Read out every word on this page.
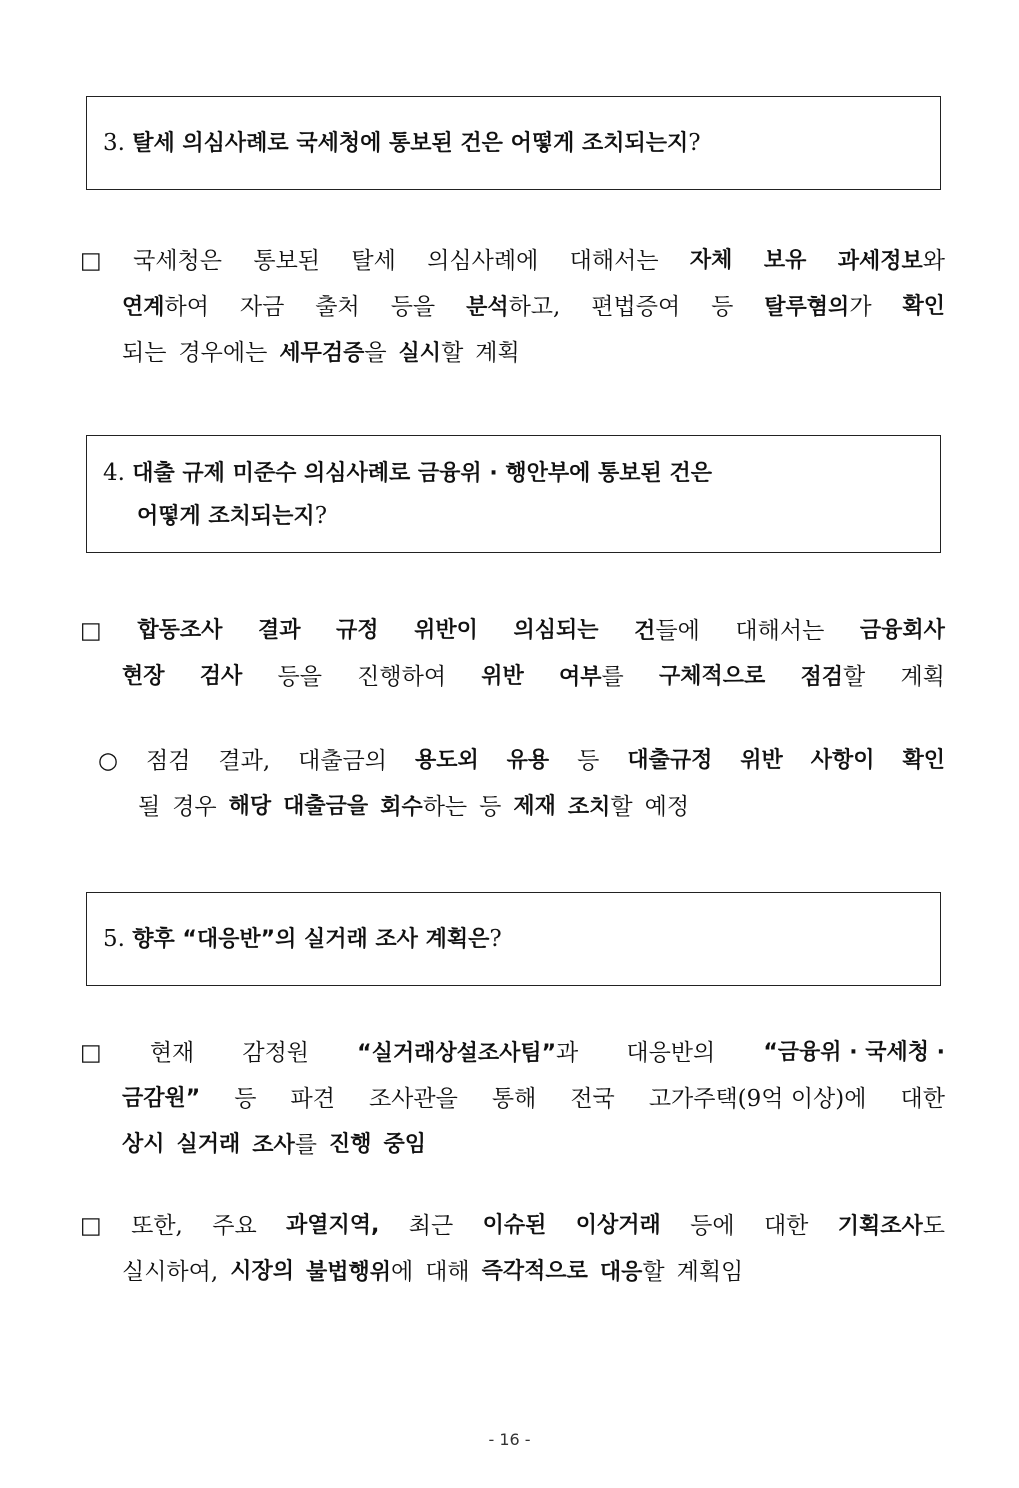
3. 탈세 의심사례로 국세청에 통보된 건은 어떻게 조치되는지?
□ 국세청은 통보된 탈세 의심사례에 대해서는 자체 보유 과세정보와
연계하여 자금 출처 등을 분석하고, 편법증여 등 탈루혐의가 확인
되는 경우에는 세무검증을 실시할 계획
4. 대출 규제 미준수 의심사례로 금융위 · 행안부에 통보된 건은
어떻게 조치되는지?
□ 합동조사 결과 규정 위반이 의심되는 건들에 대해서는 금융회사
현장 검사 등을 진행하여 위반 여부를 구체적으로 점검할 계획
○ 점검 결과, 대출금의 용도외 유용 등 대출규정 위반 사항이 확인
될 경우 해당 대출금을 회수하는 등 제재 조치할 예정
5. 향후 “대응반”의 실거래 조사 계획은?
□ 현재 감정원 “실거래상설조사팀”과 대응반의 “금융위 · 국세청 ·
금감원” 등 파견 조사관을 통해 전국 고가주택(9억 이상)에 대한
상시 실거래 조사를 진행 중임
□ 또한, 주요 과열지역, 최근 이슈된 이상거래 등에 대한 기획조사도
실시하여, 시장의 불법행위에 대해 즉각적으로 대응할 계획임
- 16 -
